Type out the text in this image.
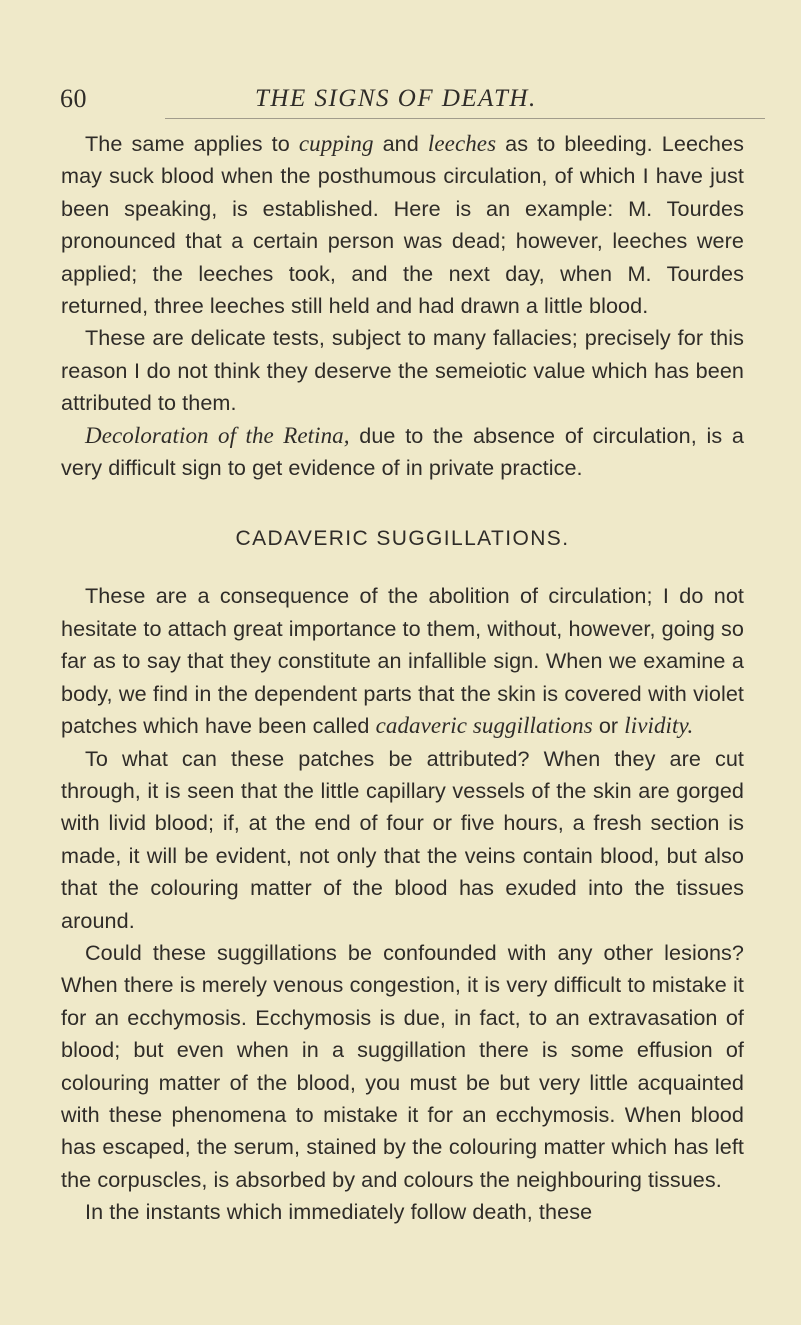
60	THE SIGNS OF DEATH.

The same applies to cupping and leeches as to bleeding. Leeches may suck blood when the posthumous circulation, of which I have just been speaking, is established. Here is an example: M. Tourdes pronounced that a certain person was dead; however, leeches were applied; the leeches took, and the next day, when M. Tourdes returned, three leeches still held and had drawn a little blood.

These are delicate tests, subject to many fallacies; precisely for this reason I do not think they deserve the semeiotic value which has been attributed to them.

Decoloration of the Retina, due to the absence of circulation, is a very difficult sign to get evidence of in private practice.

CADAVERIC SUGGILLATIONS.

These are a consequence of the abolition of circulation; I do not hesitate to attach great importance to them, without, however, going so far as to say that they constitute an infallible sign. When we examine a body, we find in the dependent parts that the skin is covered with violet patches which have been called cadaveric suggillations or lividity.

To what can these patches be attributed? When they are cut through, it is seen that the little capillary vessels of the skin are gorged with livid blood; if, at the end of four or five hours, a fresh section is made, it will be evident, not only that the veins contain blood, but also that the colouring matter of the blood has exuded into the tissues around.

Could these suggillations be confounded with any other lesions? When there is merely venous congestion, it is very difficult to mistake it for an ecchymosis. Ecchymosis is due, in fact, to an extravasation of blood; but even when in a suggillation there is some effusion of colouring matter of the blood, you must be but very little acquainted with these phenomena to mistake it for an ecchymosis. When blood has escaped, the serum, stained by the colouring matter which has left the corpuscles, is absorbed by and colours the neighbouring tissues.

In the instants which immediately follow death, these
